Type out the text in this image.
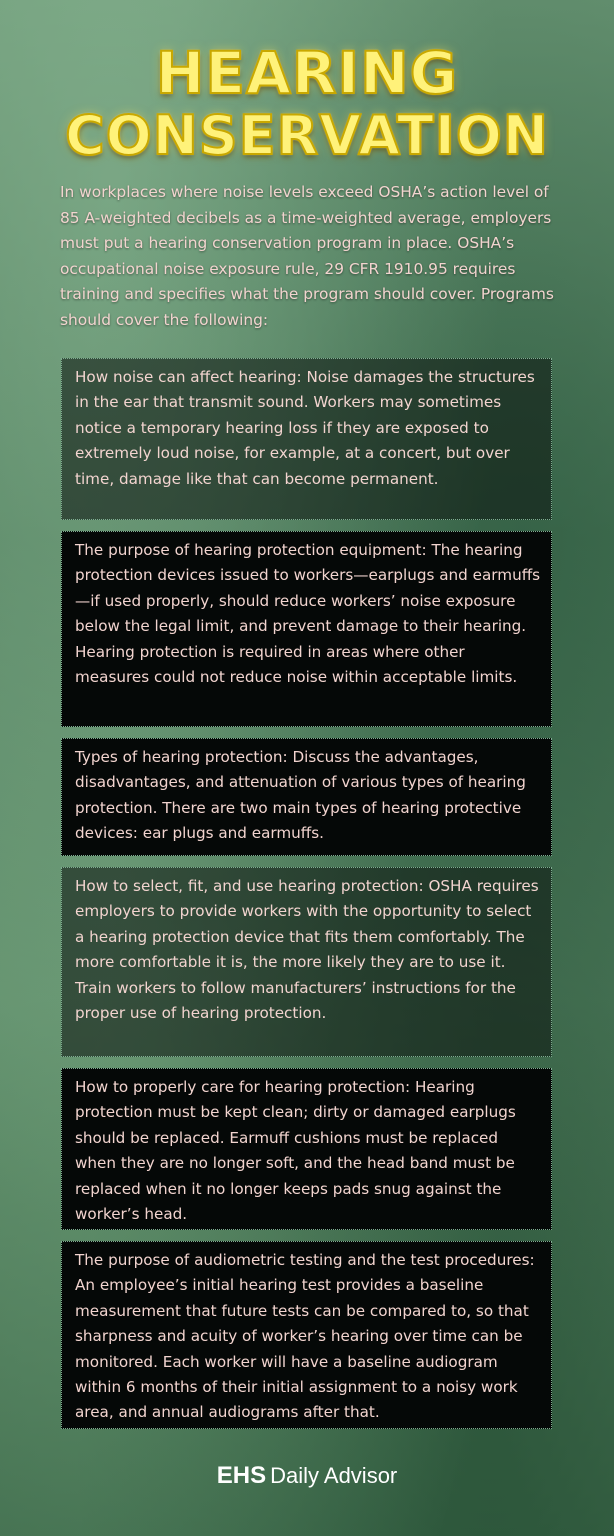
HEARING
CONSERVATION

In workplaces where noise levels exceed OSHA’s action level of 85 A-weighted decibels as a time-weighted average, employers must put a hearing conservation program in place. OSHA’s occupational noise exposure rule, 29 CFR 1910.95 requires training and specifies what the program should cover. Programs should cover the following:

How noise can affect hearing: Noise damages the structures in the ear that transmit sound. Workers may sometimes notice a temporary hearing loss if they are exposed to extremely loud noise, for example, at a concert, but over time, damage like that can become permanent.

The purpose of hearing protection equipment: The hearing protection devices issued to workers—earplugs and earmuffs—if used properly, should reduce workers’ noise exposure below the legal limit, and prevent damage to their hearing. Hearing protection is required in areas where other measures could not reduce noise within acceptable limits.

Types of hearing protection: Discuss the advantages, disadvantages, and attenuation of various types of hearing protection. There are two main types of hearing protective devices: ear plugs and earmuffs.

How to select, fit, and use hearing protection: OSHA requires employers to provide workers with the opportunity to select a hearing protection device that fits them comfortably. The more comfortable it is, the more likely they are to use it. Train workers to follow manufacturers’ instructions for the proper use of hearing protection.

How to properly care for hearing protection: Hearing protection must be kept clean; dirty or damaged earplugs should be replaced. Earmuff cushions must be replaced when they are no longer soft, and the head band must be replaced when it no longer keeps pads snug against the worker’s head.

The purpose of audiometric testing and the test procedures: An employee’s initial hearing test provides a baseline measurement that future tests can be compared to, so that sharpness and acuity of worker’s hearing over time can be monitored. Each worker will have a baseline audiogram within 6 months of their initial assignment to a noisy work area, and annual audiograms after that.

EHS Daily Advisor
